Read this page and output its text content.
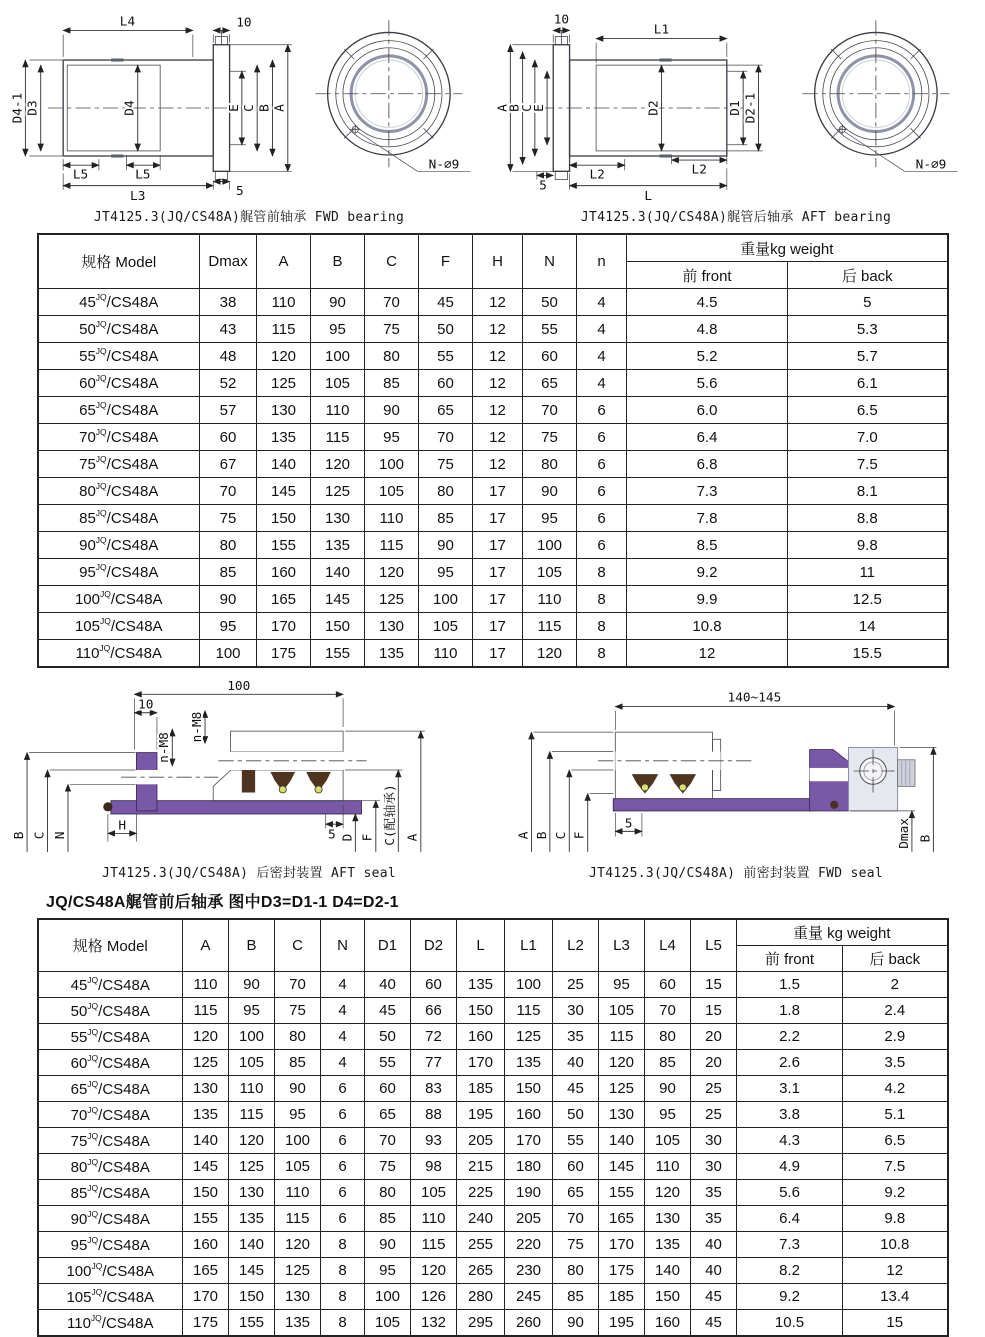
L4	10
D4-1 D3	D4	E C B A
L5	L5
L3	5
N-∅9
JT4125.3(JQ/CS48A)艉管前轴承 FWD bearing
10
L1
A
B
C
E	D2	D1 D2-1
5
L2	L2
L
N-∅9
JT4125.3(JQ/CS48A)艉管后轴承 AFT bearing
规格 Model	Dmax	A	B	C	F	H	N	n	重量kg weight	
									前 front	后 back
$45^{JQ}/CS48A$	38	110	90	70	45	12	50	4	4.5	5
$50^{JQ}/CS48A$	43	115	95	75	50	12	55	4	4.8	5.3
$55^{JQ}/CS48A$	48	120	100	80	55	12	60	4	5.2	5.7
$60^{JQ}/CS48A$	52	125	105	85	60	12	65	4	5.6	6.1
$65^{JQ}/CS48A$	57	130	110	90	65	12	70	6	6.0	6.5
$70^{JQ}/CS48A$	60	135	115	95	70	12	75	6	6.4	7.0
$75^{JQ}/CS48A$	67	140	120	100	75	12	80	6	6.8	7.5
$80^{JQ}/CS48A$	70	145	125	105	80	17	90	6	7.3	8.1
$85^{JQ}/CS48A$	75	150	130	110	85	17	95	6	7.8	8.8
$90^{JQ}/CS48A$	80	155	135	115	90	17	100	6	8.5	9.8
$95^{JQ}/CS48A$	85	160	140	120	95	17	105	8	9.2	11
$100^{JQ}/CS48A$	90	165	145	125	100	17	110	8	9.9	12.5
$105^{JQ}/CS48A$	95	170	150	130	105	17	115	8	10.8	14
$110^{JQ}/CS48A$	100	175	155	135	110	17	120	8	12	15.5
100
10
n-M8
n-M8
B C N
H
5 D F C(配轴承) A
JT4125.3(JQ/CS48A) 后密封装置 AFT seal
140~145
A B C F
5	Dmax B
JT4125.3(JQ/CS48A) 前密封装置 FWD seal
JQ/CS48A艉管前后轴承 图中D3=D1-1 D4=D2-1
规格 Model	A	B	C	N	D1	D2	L	L1	L2	L3	L4	L5	重量 kg weight	
													前 front	后 back
$45^{JQ}/CS48A$	110	90	70	4	40	60	135	100	25	95	60	15	1.5	2
$50^{JQ}/CS48A$	115	95	75	4	45	66	150	115	30	105	70	15	1.8	2.4
$55^{JQ}/CS48A$	120	100	80	4	50	72	160	125	35	115	80	20	2.2	2.9
$60^{JQ}/CS48A$	125	105	85	4	55	77	170	135	40	120	85	20	2.6	3.5
$65^{JQ}/CS48A$	130	110	90	6	60	83	185	150	45	125	90	25	3.1	4.2
$70^{JQ}/CS48A$	135	115	95	6	65	88	195	160	50	130	95	25	3.8	5.1
$75^{JQ}/CS48A$	140	120	100	6	70	93	205	170	55	140	105	30	4.3	6.5
$80^{JQ}/CS48A$	145	125	105	6	75	98	215	180	60	145	110	30	4.9	7.5
$85^{JQ}/CS48A$	150	130	110	6	80	105	225	190	65	155	120	35	5.6	9.2
$90^{JQ}/CS48A$	155	135	115	6	85	110	240	205	70	165	130	35	6.4	9.8
$95^{JQ}/CS48A$	160	140	120	8	90	115	255	220	75	170	135	40	7.3	10.8
$100^{JQ}/CS48A$	165	145	125	8	95	120	265	230	80	175	140	40	8.2	12
$105^{JQ}/CS48A$	170	150	130	8	100	126	280	245	85	185	150	45	9.2	13.4
$110^{JQ}/CS48A$	175	155	135	8	105	132	295	260	90	195	160	45	10.5	15
